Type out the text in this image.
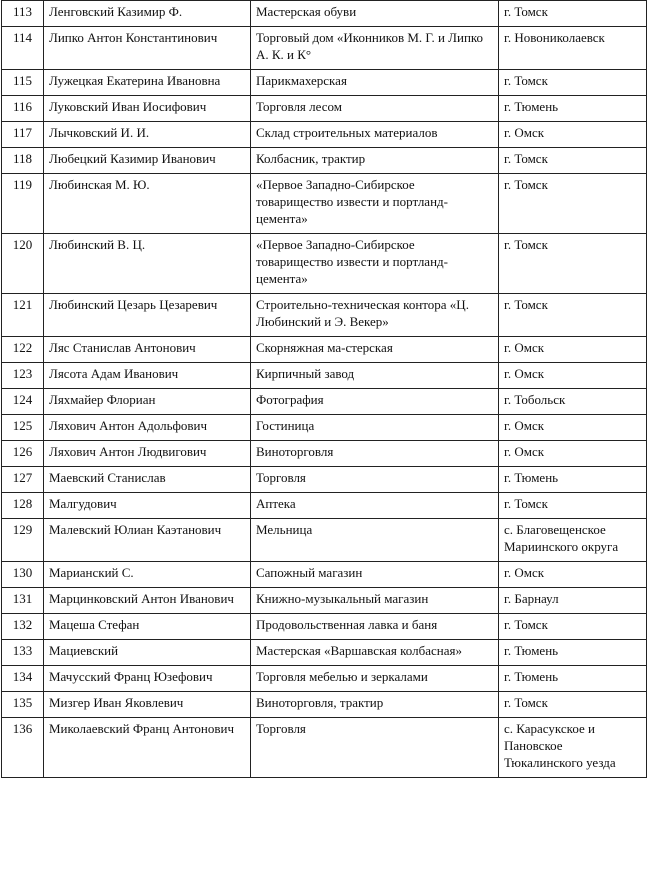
113	Ленговский Казимир Ф.	Мастерская обуви	г. Томск
114	Липко Антон Константинович	Торговый дом «Иконников М. Г. и Липко А. К. и К°	г. Новониколаевск
115	Лужецкая Екатерина Ивановна	Парикмахерская	г. Томск
116	Луковский Иван Иосифович	Торговля лесом	г. Тюмень
117	Лычковский И. И.	Склад строительных материалов	г. Омск
118	Любецкий Казимир Иванович	Колбасник, трактир	г. Томск
119	Любинская М. Ю.	«Первое Западно-Сибирское товарищество извести и портланд-цемента»	г. Томск
120	Любинский В. Ц.	«Первое Западно-Сибирское товарищество извести и портланд-цемента»	г. Томск
121	Любинский Цезарь Цезаревич	Строительно-техническая контора «Ц. Любинский и Э. Векер»	г. Томск
122	Ляс Станислав Антонович	Скорняжная ма-стерская	г. Омск
123	Лясота Адам Иванович	Кирпичный завод	г. Омск
124	Ляхмайер Флориан	Фотография	г. Тобольск
125	Ляхович Антон Адольфович	Гостиница	г. Омск
126	Ляхович Антон Людвигович	Виноторговля	г. Омск
127	Маевский Станислав	Торговля	г. Тюмень
128	Малгудович	Аптека	г. Томск
129	Малевский Юлиан Каэтанович	Мельница	с. Благовещенское Мариинского округа
130	Марианский С.	Сапожный магазин	г. Омск
131	Марцинковский Антон Иванович	Книжно-музыкальный магазин	г. Барнаул
132	Мацеша Стефан	Продовольственная лавка и баня	г. Томск
133	Мациевский	Мастерская «Варшавская колбасная»	г. Тюмень
134	Мачусский Франц Юзефович	Торговля мебелью и зеркалами	г. Тюмень
135	Мизгер Иван Яковлевич	Виноторговля, трактир	г. Томск
136	Миколаевский Франц Антонович	Торговля	с. Карасукское и Пановское Тюкалинского уезда
